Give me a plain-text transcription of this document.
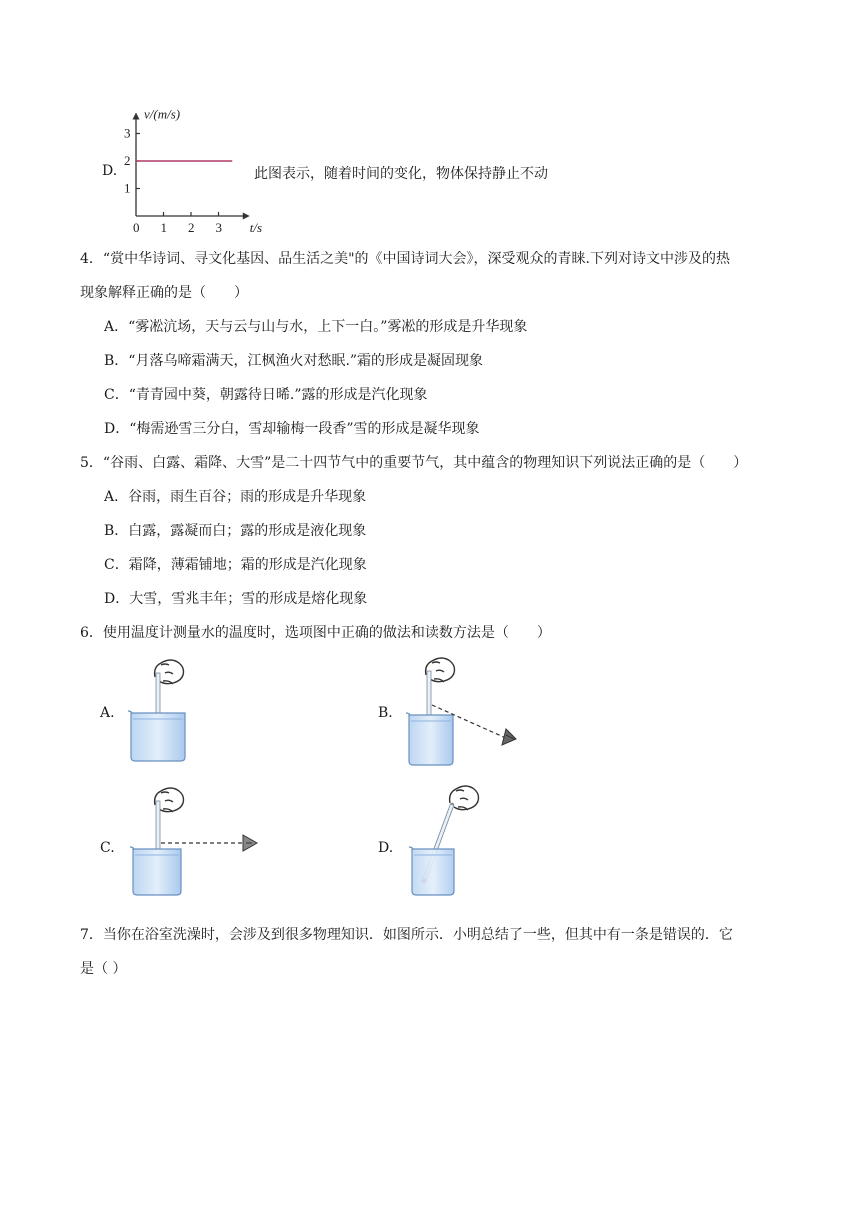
D.
1
2
3
0 1 2 3
v/(m/s)
t/s
此图表示，随着时间的变化，物体保持静止不动
4．“赏中华诗词、寻文化基因、品生活之美"的《中国诗词大会》，深受观众的青睐.下列对诗文中涉及的热
现象解释正确的是（　　）
A．“雾凇沆场，天与云与山与水，上下一白。”雾凇的形成是升华现象
B．“月落乌啼霜满天，江枫渔火对愁眠.”霜的形成是凝固现象
C．“青青园中葵，朝露待日晞.”露的形成是汽化现象
D．“梅需逊雪三分白，雪却输梅一段香”雪的形成是凝华现象
5．“谷雨、白露、霜降、大雪”是二十四节气中的重要节气，其中蕴含的物理知识下列说法正确的是（　　）
A．谷雨，雨生百谷；雨的形成是升华现象
B．白露，露凝而白；露的形成是液化现象
C．霜降，薄霜铺地；霜的形成是汽化现象
D．大雪，雪兆丰年；雪的形成是熔化现象
6．使用温度计测量水的温度时，选项图中正确的做法和读数方法是（　　）
A.	B.
C.	D.
7．当你在浴室洗澡时，会涉及到很多物理知识．如图所示．小明总结了一些，但其中有一条是错误的．它
是（ ）
